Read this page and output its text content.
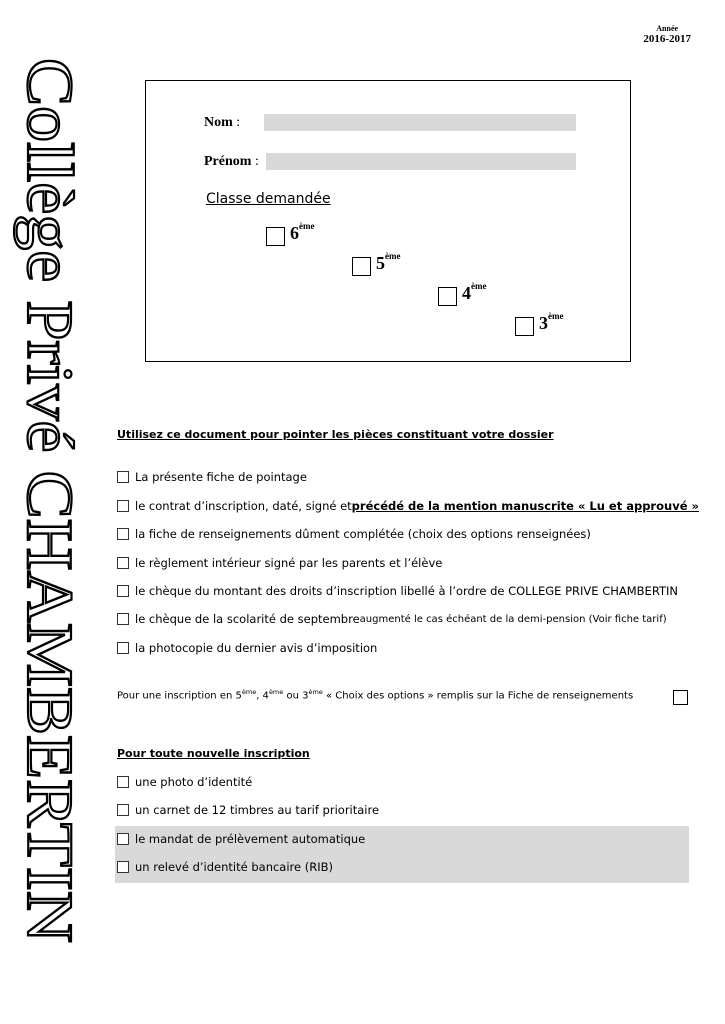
Année
2016-2017
Collège Privé CHAMBERTIN	Nom :
Prénom :
Classe demandée
6ème
5ème
4ème
3ème
Utilisez ce document pour pointer les pièces constituant votre dossier
La présente fiche de pointage
le contrat d’inscription, daté, signé et précédé de la mention manuscrite « Lu et approuvé »
la fiche de renseignements dûment complétée (choix des options renseignées)
le règlement intérieur signé par les parents et l’élève
le chèque du montant des droits d’inscription libellé à l’ordre de COLLEGE PRIVE CHAMBERTIN
le chèque de la scolarité de septembre augmenté le cas échéant de la demi-pension (Voir fiche tarif)
la photocopie du dernier avis d’imposition
Pour une inscription en 5ème, 4ème ou 3ème « Choix des options » remplis sur la Fiche de renseignements
Pour toute nouvelle inscription
une photo d’identité
un carnet de 12 timbres au tarif prioritaire
le mandat de prélèvement automatique
un relevé d’identité bancaire (RIB)
